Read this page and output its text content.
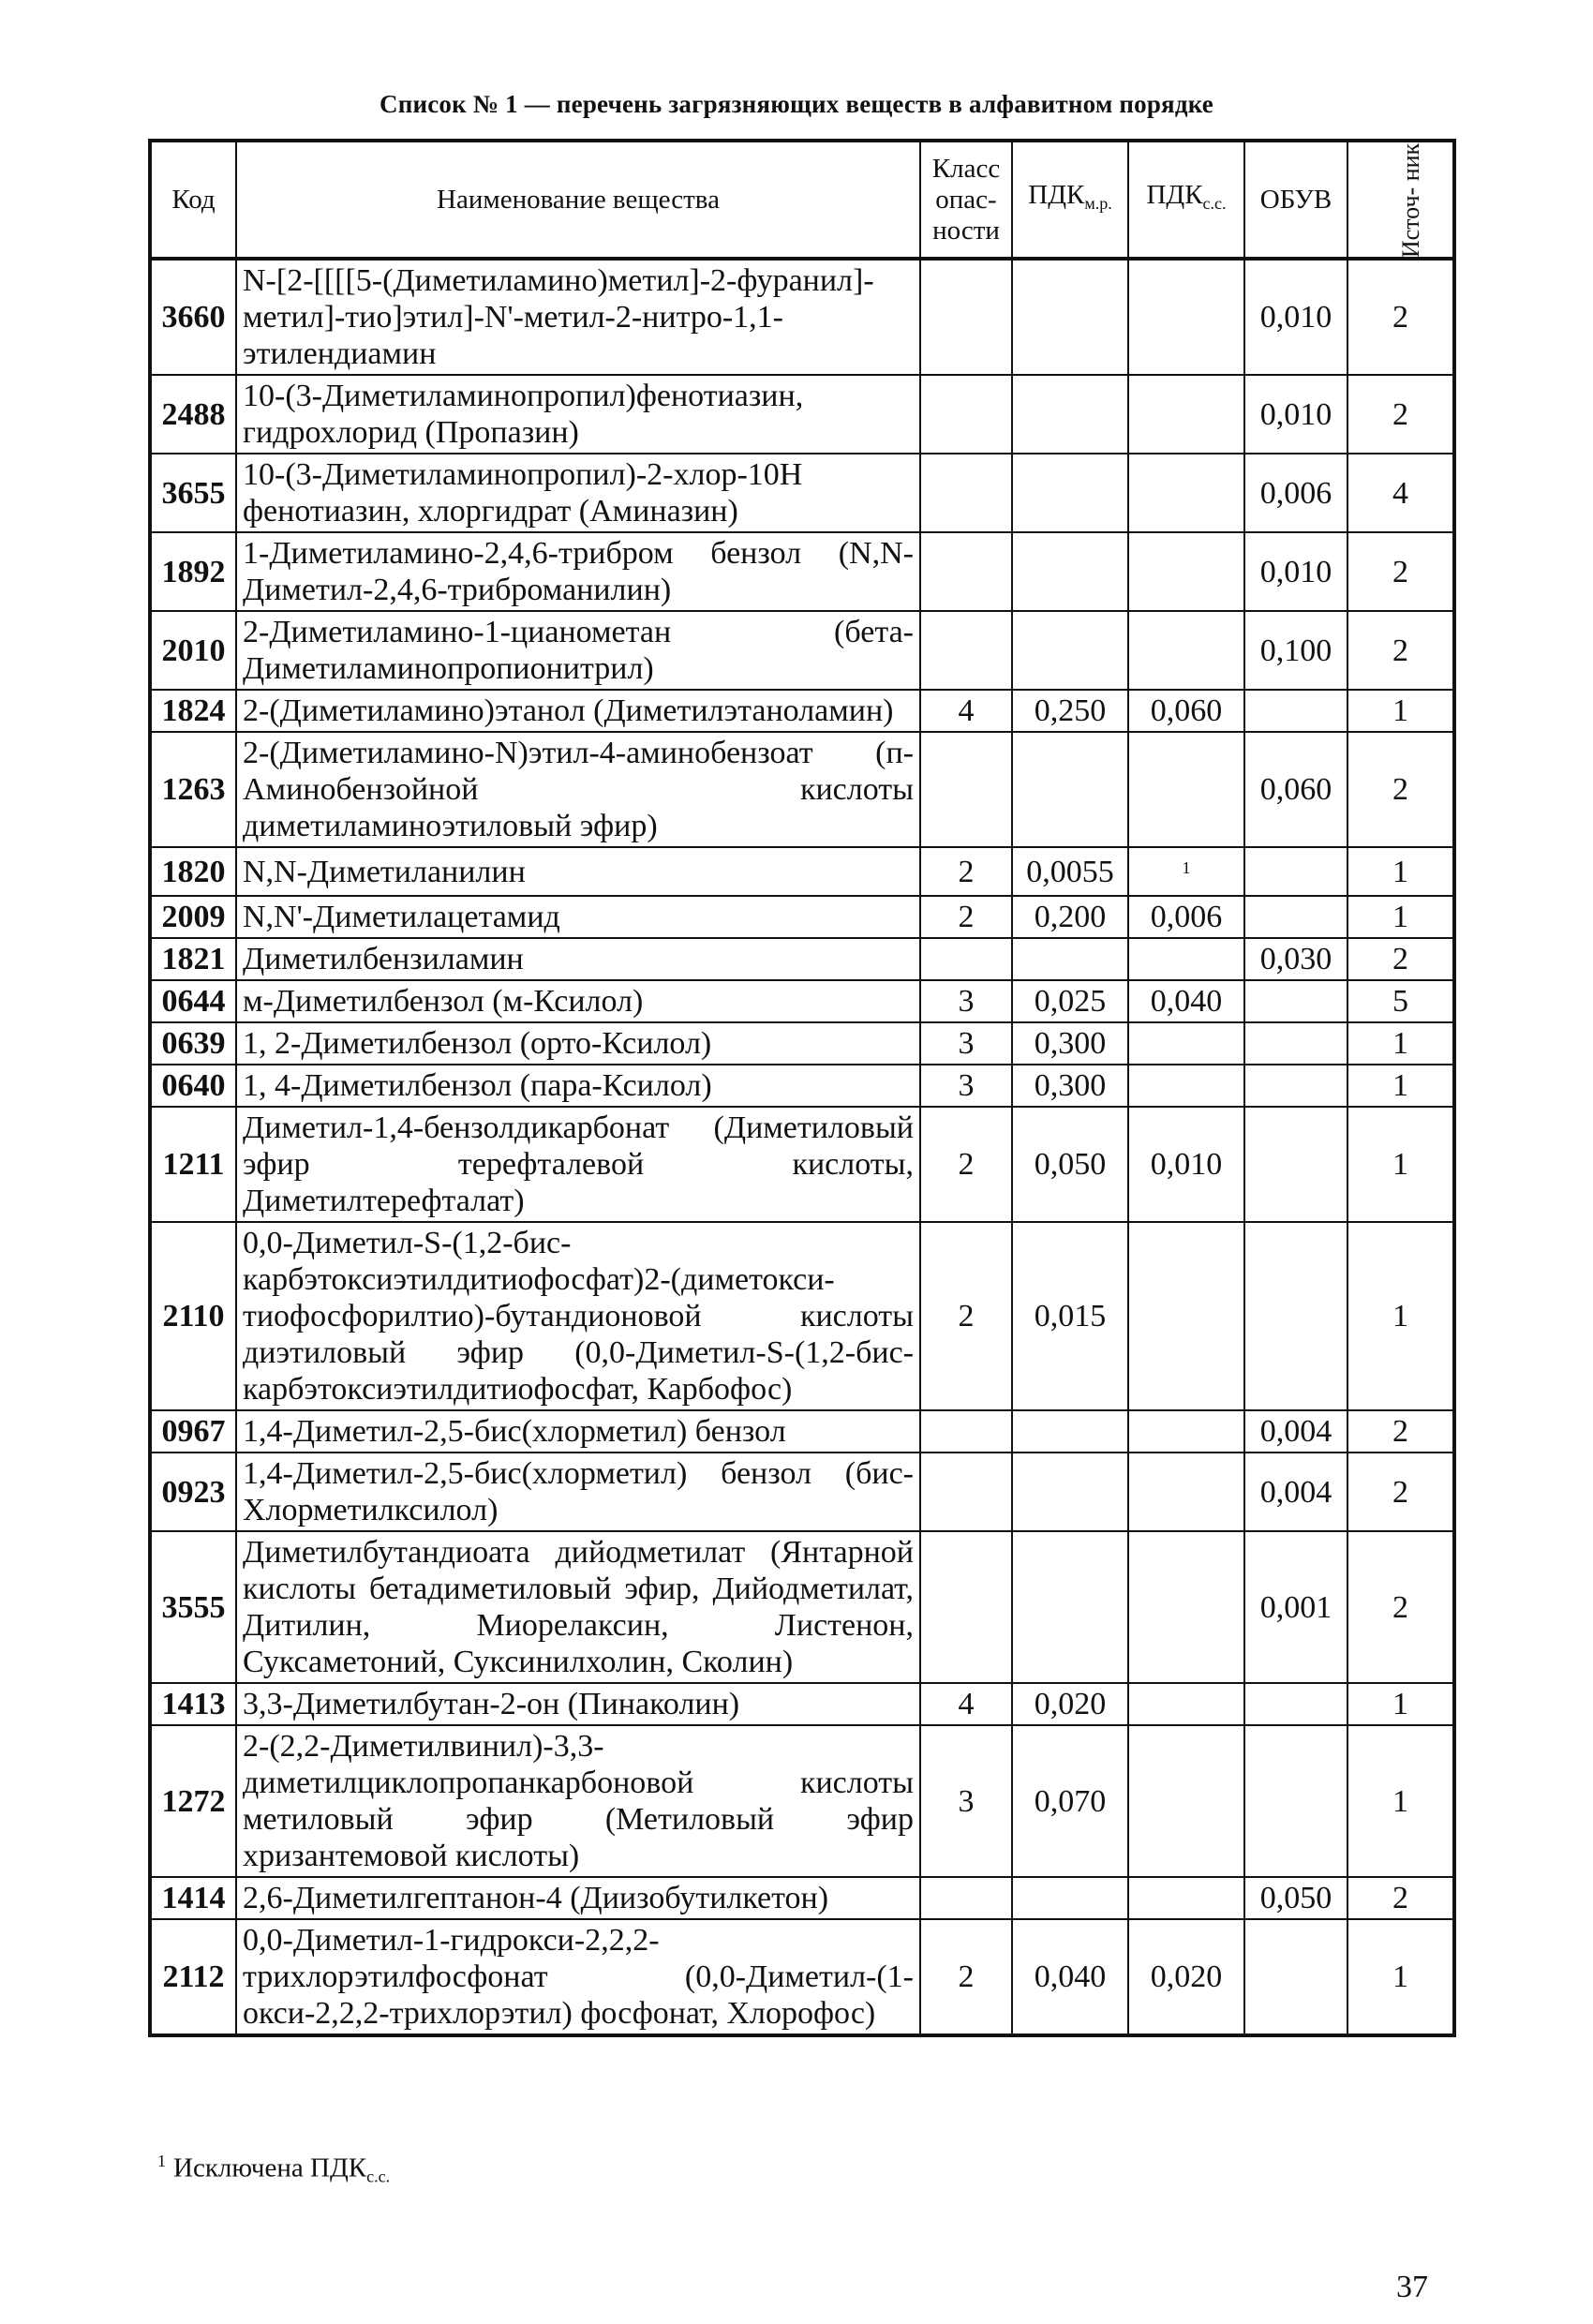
Список № 1 — перечень загрязняющих веществ в алфавитном порядке
Код	Наименование вещества	Класс опас- ности	$ПДК_{м.р.}$	$ПДК_{с.с.}$	ОБУВ	Источ- ник
3660	N-[2-[[[[5-(Диметиламино)метил]-2-фуранил]-метил]-тио]этил]-N'-метил-2-нитро-1,1-этилендиамин				0,010	2
2488	10-(3-Диметиламинопропил)фенотиазин, гидрохлорид (Пропазин)				0,010	2
3655	10-(3-Диметиламинопропил)-2-хлор-10Н фенотиазин, хлоргидрат (Аминазин)				0,006	4
1892	1-Диметиламино-2,4,6-трибром бензол (N,N-Диметил-2,4,6-триброманилин)				0,010	2
2010	2-Диметиламино-1-цианометан (бета-Диметиламинопропионитрил)				0,100	2
1824	2-(Диметиламино)этанол (Диметилэтаноламин)	4	0,250	0,060		1
1263	2-(Диметиламино-N)этил-4-аминобензоат (п-Аминобензойной кислоты диметиламиноэтиловый эфир)				0,060	2
1820	N,N-Диметиланилин	2	0,0055	$^1$		1
2009	N,N'-Диметилацетамид	2	0,200	0,006		1
1821	Диметилбензиламин				0,030	2
0644	м-Диметилбензол (м-Ксилол)	3	0,025	0,040		5
0639	1, 2-Диметилбензол (орто-Ксилол)	3	0,300			1
0640	1, 4-Диметилбензол (пара-Ксилол)	3	0,300			1
1211	Диметил-1,4-бензолдикарбонат (Диметиловый эфир терефталевой кислоты, Диметилтерефталат)	2	0,050	0,010		1
2110	0,0-Диметил-S-(1,2-бис-карбэтоксиэтилдитиофосфат)2-(диметокси-тиофосфорилтио)-бутандионовой кислоты диэтиловый эфир (0,0-Диметил-S-(1,2-бис-карбэтоксиэтилдитиофосфат, Карбофос)	2	0,015			1
0967	1,4-Диметил-2,5-бис(хлорметил) бензол				0,004	2
0923	1,4-Диметил-2,5-бис(хлорметил) бензол (бис-Хлорметилксилол)				0,004	2
3555	Диметилбутандиоата дийодметилат (Янтарной кислоты бетадиметиловый эфир, Дийодметилат, Дитилин, Миорелаксин, Листенон, Суксаметоний, Суксинилхолин, Сколин)				0,001	2
1413	3,3-Диметилбутан-2-он (Пинаколин)	4	0,020			1
1272	2-(2,2-Диметилвинил)-3,3-диметилциклопропанкарбоновой кислоты метиловый эфир (Метиловый эфир хризантемовой кислоты)	3	0,070			1
1414	2,6-Диметилгептанон-4 (Диизобутилкетон)				0,050	2
2112	0,0-Диметил-1-гидрокси-2,2,2-трихлорэтилфосфонат (0,0-Диметил-(1-окси-2,2,2-трихлорэтил) фосфонат, Хлорофос)	2	0,040	0,020		1
$^1$ Исключена $ПДК_{с.с.}$
37
